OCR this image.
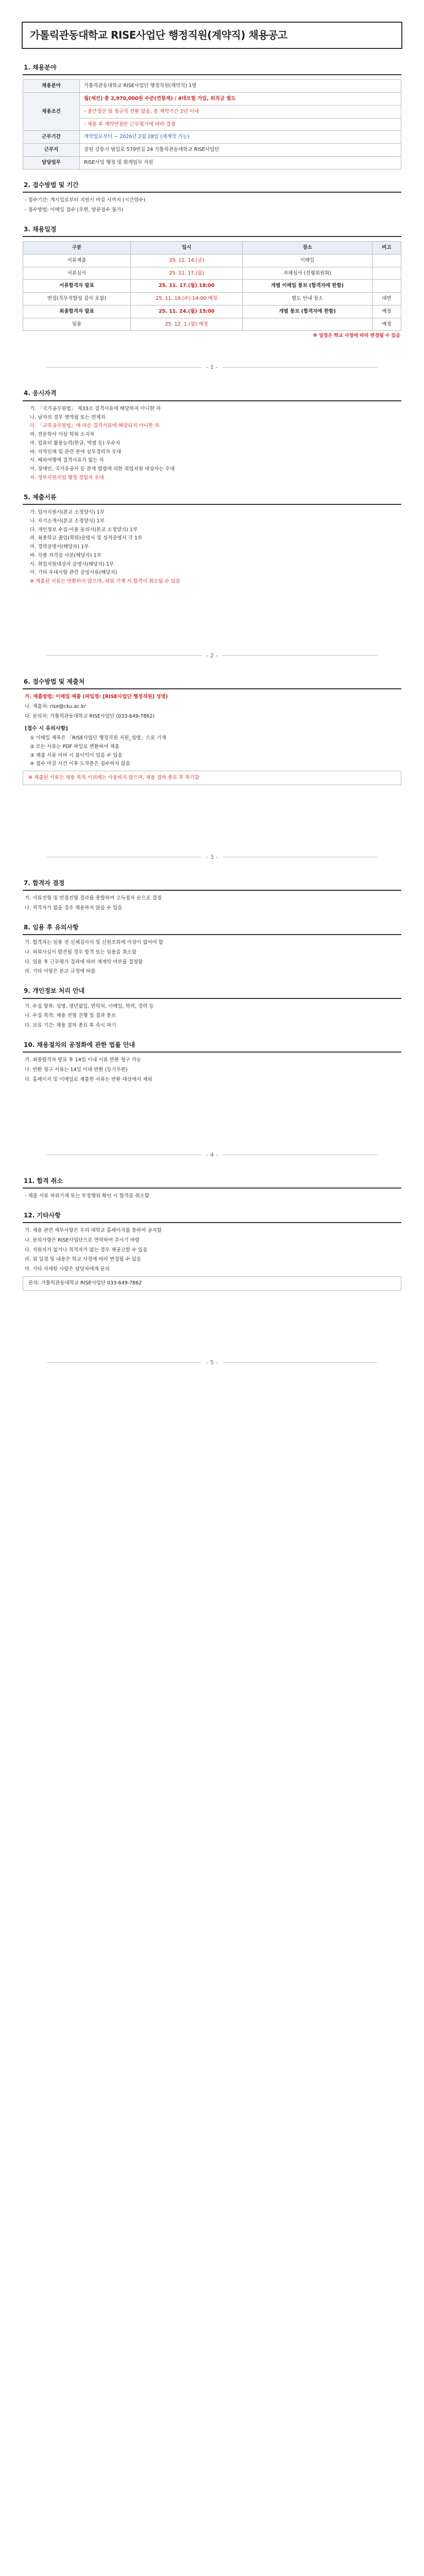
가톨릭관동대학교 RISE사업단 행정직원(계약직) 채용공고
1. 채용분야
채용분야	가톨릭관동대학교 RISE사업단 행정직원(계약직) 1명
채용조건	월(세전) 총 2,970,000원 수준(연봉제) / 4대보험 가입, 퇴직금 별도
	- 중간정산 및 정규직 전환 없음, 총 계약기간 2년 이내
	- 채용 후 계약연장은 근무평가에 따라 결정
근무기간	계약일로부터 ~ 2026년 2월 28일 (재계약 가능)
근무지	강원 강릉시 범일로 579번길 24 가톨릭관동대학교 RISE사업단
담당업무	RISE사업 행정 및 회계업무 지원
2. 접수방법 및 기간
- 접수기간: 게시일로부터 지원서 마감 시까지 (시간엄수)
- 접수방법: 이메일 접수 (우편, 방문접수 불가)
3. 채용일정
구분	일시	장소	비고
서류제출	25. 11. 14.(금)	이메일	
서류심사	25. 11. 17.(월)	자체심사 (전형위원회)	
서류합격자 발표	25. 11. 17.(월) 18:00	개별 이메일 통보 (합격자에 한함)	
면접(직무적합성 검사 포함)	25. 11. 19.(수) 14:00 예정	별도 안내 장소	대면
최종합격자 발표	25. 11. 24.(월) 15:00	개별 통보 (합격자에 한함)	예정
임용	25. 12. 1.(월) 예정		예정
※ 일정은 학교 사정에 따라 변경될 수 있음
- 1 -
4. 응시자격
가. 「국가공무원법」 제33조 결격사유에 해당하지 아니한 자
나. 남자의 경우 병역필 또는 면제자
다. 「교육공무원법」에 따른 결격사유에 해당되지 아니한 자
라. 전문학사 이상 학위 소지자
마. 컴퓨터 활용능력(한글, 엑셀 등) 우수자
바. 지역인재 및 관련 분야 실무경력자 우대
사. 해외여행에 결격사유가 없는 자
아. 장애인, 국가유공자 등 관계 법령에 의한 취업지원 대상자는 우대
자. 정부지원사업 행정 경험자 우대
5. 제출서류
가. 입사지원서(본교 소정양식) 1부
나. 자기소개서(본교 소정양식) 1부
다. 개인정보 수집·이용 동의서(본교 소정양식) 1부
라. 최종학교 졸업(학위)증명서 및 성적증명서 각 1부
마. 경력증명서(해당자) 1부
바. 각종 자격증 사본(해당자) 1부
사. 취업지원대상자 증명서(해당자) 1부
아. 기타 우대사항 관련 증빙서류(해당자)
※ 제출된 서류는 반환하지 않으며, 허위 기재 시 합격이 취소될 수 있음
- 2 -
6. 접수방법 및 제출처
가. 제출방법: 이메일 제출 (파일명: [RISE사업단 행정직원] 성명)
나. 제출처: rise@cku.ac.kr
다. 문의처: 가톨릭관동대학교 RISE사업단 (033-649-7862)
[접수 시 유의사항]
① 이메일 제목은 「RISE사업단 행정직원 지원_성명」으로 기재
② 모든 서류는 PDF 파일로 변환하여 제출
③ 제출 서류 미비 시 불이익이 있을 수 있음
④ 접수 마감 시간 이후 도착분은 접수하지 않음
※ 제출된 서류는 채용 목적 이외에는 사용하지 않으며, 채용 절차 종료 후 파기함
- 3 -
7. 합격자 결정
가. 서류전형 및 면접전형 결과를 종합하여 고득점자 순으로 결정
나. 적격자가 없을 경우 채용하지 않을 수 있음
8. 임용 후 유의사항
가. 합격자는 임용 전 신체검사서 및 신원조회에 이상이 없어야 함
나. 허위사실이 발견될 경우 합격 또는 임용을 취소함
다. 임용 후 근무평가 결과에 따라 재계약 여부를 결정함
라. 기타 사항은 본교 규정에 따름
9. 개인정보 처리 안내
가. 수집 항목: 성명, 생년월일, 연락처, 이메일, 학력, 경력 등
나. 수집 목적: 채용 전형 진행 및 결과 통보
다. 보유 기간: 채용 절차 종료 후 즉시 파기
10. 채용절차의 공정화에 관한 법률 안내
가. 최종합격자 발표 후 14일 이내 서류 반환 청구 가능
나. 반환 청구 서류는 14일 이내 반환 (등기우편)
다. 홈페이지 및 이메일로 제출한 서류는 반환 대상에서 제외
- 4 -
11. 합격 취소
- 제출 서류 허위기재 또는 부정행위 확인 시 합격을 취소함
12. 기타사항
가. 채용 관련 세부사항은 우리 대학교 홈페이지를 통하여 공지함
나. 문의사항은 RISE사업단으로 연락하여 주시기 바람
다. 지원자가 없거나 적격자가 없는 경우 재공고할 수 있음
라. 위 일정 및 내용은 학교 사정에 따라 변경될 수 있음
마. 기타 자세한 사항은 담당자에게 문의
문의: 가톨릭관동대학교 RISE사업단 033-649-7862
- 5 -
